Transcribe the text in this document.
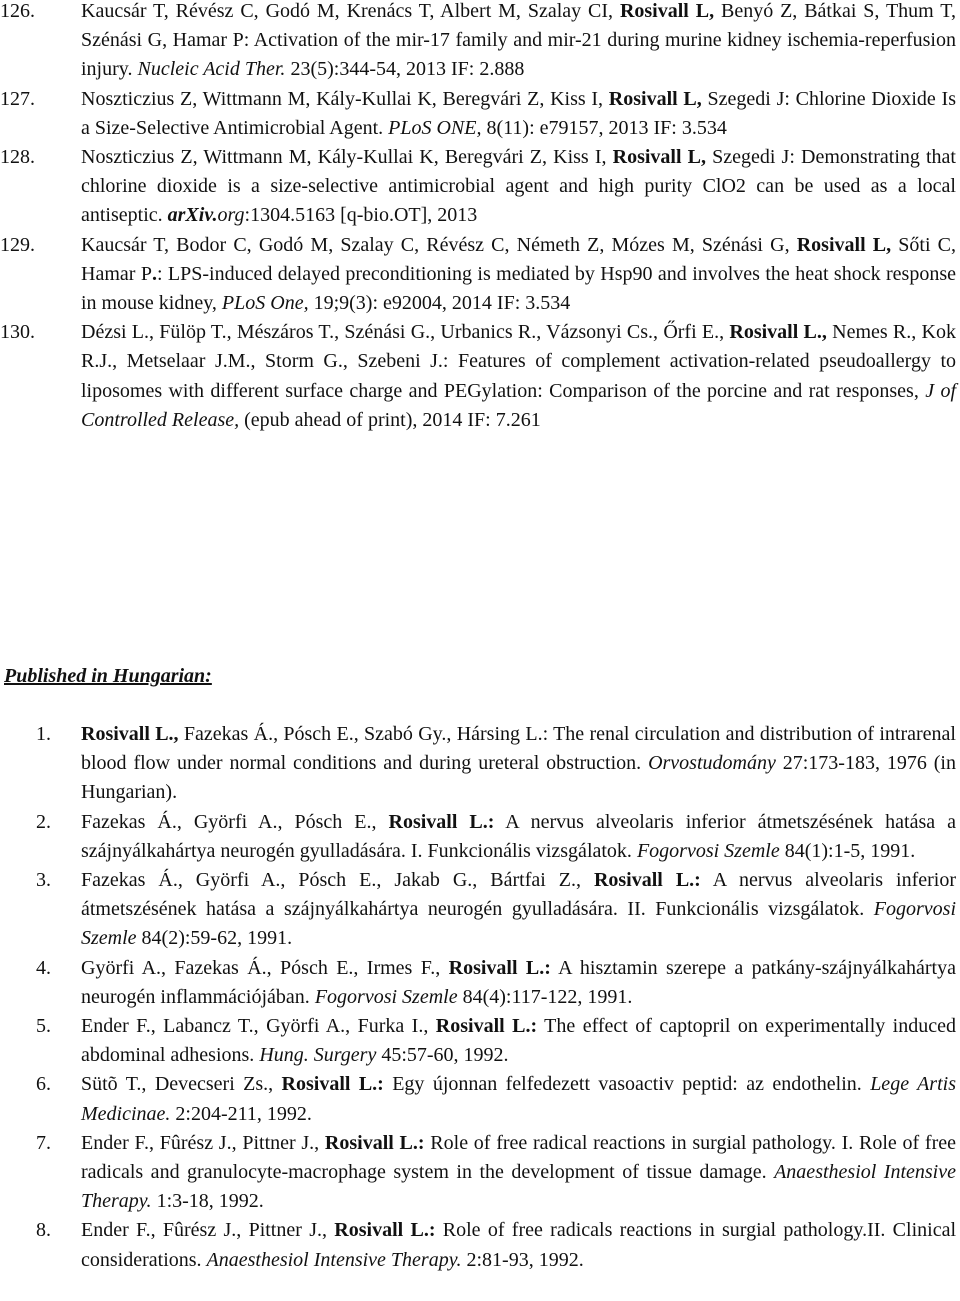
126. Kaucsár T, Révész C, Godó M, Krenács T, Albert M, Szalay CI, Rosivall L, Benyó Z, Bátkai S, Thum T, Szénási G, Hamar P: Activation of the mir-17 family and mir-21 during murine kidney ischemia-reperfusion injury. Nucleic Acid Ther. 23(5):344-54, 2013 IF: 2.888
127. Noszticzius Z, Wittmann M, Kály-Kullai K, Beregvári Z, Kiss I, Rosivall L, Szegedi J: Chlorine Dioxide Is a Size-Selective Antimicrobial Agent. PLoS ONE, 8(11): e79157, 2013 IF: 3.534
128. Noszticzius Z, Wittmann M, Kály-Kullai K, Beregvári Z, Kiss I, Rosivall L, Szegedi J: Demonstrating that chlorine dioxide is a size-selective antimicrobial agent and high purity ClO2 can be used as a local antiseptic. arXiv.org:1304.5163 [q-bio.OT], 2013
129. Kaucsár T, Bodor C, Godó M, Szalay C, Révész C, Németh Z, Mózes M, Szénási G, Rosivall L, Sőti C, Hamar P.: LPS-induced delayed preconditioning is mediated by Hsp90 and involves the heat shock response in mouse kidney, PLoS One, 19;9(3): e92004, 2014 IF: 3.534
130. Dézsi L., Fülöp T., Mészáros T., Szénási G., Urbanics R., Vázsonyi Cs., Őrfi E., Rosivall L., Nemes R., Kok R.J., Metselaar J.M., Storm G., Szebeni J.: Features of complement activation-related pseudoallergy to liposomes with different surface charge and PEGylation: Comparison of the porcine and rat responses, J of Controlled Release, (epub ahead of print), 2014 IF: 7.261
Published in Hungarian:
1. Rosivall L., Fazekas Á., Pósch E., Szabó Gy., Hársing L.: The renal circulation and distribution of intrarenal blood flow under normal conditions and during ureteral obstruction. Orvostudomány 27:173-183, 1976 (in Hungarian).
2. Fazekas Á., Györfi A., Pósch E., Rosivall L.: A nervus alveolaris inferior átmetszésének hatása a szájnyálkahártya neurogén gyulladására. I. Funkcionális vizsgálatok. Fogorvosi Szemle 84(1):1-5, 1991.
3. Fazekas Á., Györfi A., Pósch E., Jakab G., Bártfai Z., Rosivall L.: A nervus alveolaris inferior átmetszésének hatása a szájnyálkahártya neurogén gyulladására. II. Funkcionális vizsgálatok. Fogorvosi Szemle 84(2):59-62, 1991.
4. Györfi A., Fazekas Á., Pósch E., Irmes F., Rosivall L.: A hisztamin szerepe a patkány-szájnyálkahártya neurogén inflammációjában. Fogorvosi Szemle 84(4):117-122, 1991.
5. Ender F., Labancz T., Györfi A., Furka I., Rosivall L.: The effect of captopril on experimentally induced abdominal adhesions. Hung. Surgery 45:57-60, 1992.
6. Sütõ T., Devecseri Zs., Rosivall L.: Egy újonnan felfedezett vasoactiv peptid: az endothelin. Lege Artis Medicinae. 2:204-211, 1992.
7. Ender F., Fûrész J., Pittner J., Rosivall L.: Role of free radical reactions in surgial pathology. I. Role of free radicals and granulocyte-macrophage system in the development of tissue damage. Anaesthesiol Intensive Therapy. 1:3-18, 1992.
8. Ender F., Fûrész J., Pittner J., Rosivall L.: Role of free radicals reactions in surgial pathology.II. Clinical considerations. Anaesthesiol Intensive Therapy. 2:81-93, 1992.
